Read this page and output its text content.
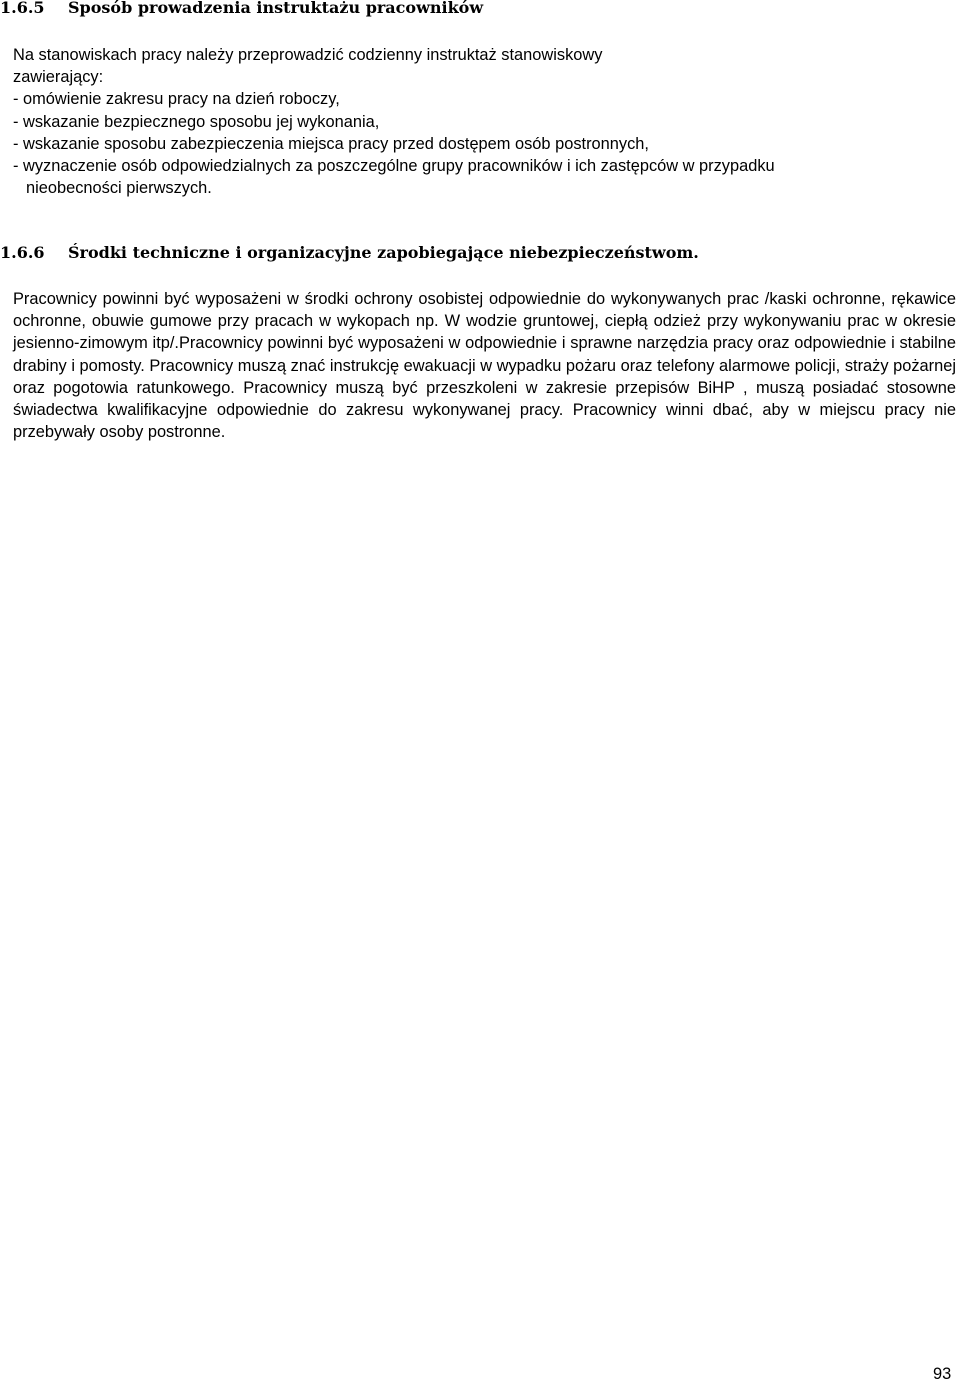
1.6.5 Sposób prowadzenia instruktażu pracowników
Na stanowiskach pracy należy przeprowadzić codzienny instruktaż stanowiskowy
zawierający:
- omówienie zakresu pracy na dzień roboczy,
- wskazanie bezpiecznego sposobu jej wykonania,
- wskazanie sposobu zabezpieczenia miejsca pracy przed dostępem osób postronnych,
- wyznaczenie osób odpowiedzialnych za poszczególne grupy pracowników i ich zastępców w przypadku
nieobecności pierwszych.
1.6.6 Środki techniczne i organizacyjne zapobiegające niebezpieczeństwom.

Pracownicy powinni być wyposażeni w środki ochrony osobistej odpowiednie do wykonywanych prac /kaski ochronne, rękawice ochronne, obuwie gumowe przy pracach w wykopach np. W wodzie gruntowej, ciepłą odzież przy wykonywaniu prac w okresie jesienno-zimowym itp/.Pracownicy powinni być wyposażeni w odpowiednie i sprawne narzędzia pracy oraz odpowiednie i stabilne drabiny i pomosty. Pracownicy muszą znać instrukcję ewakuacji w wypadku pożaru oraz telefony alarmowe policji, straży pożarnej oraz pogotowia ratunkowego. Pracownicy muszą być przeszkoleni w zakresie przepisów BiHP , muszą posiadać stosowne świadectwa kwalifikacyjne odpowiednie do zakresu wykonywanej pracy. Pracownicy winni dbać, aby w miejscu pracy nie przebywały osoby postronne.

93
